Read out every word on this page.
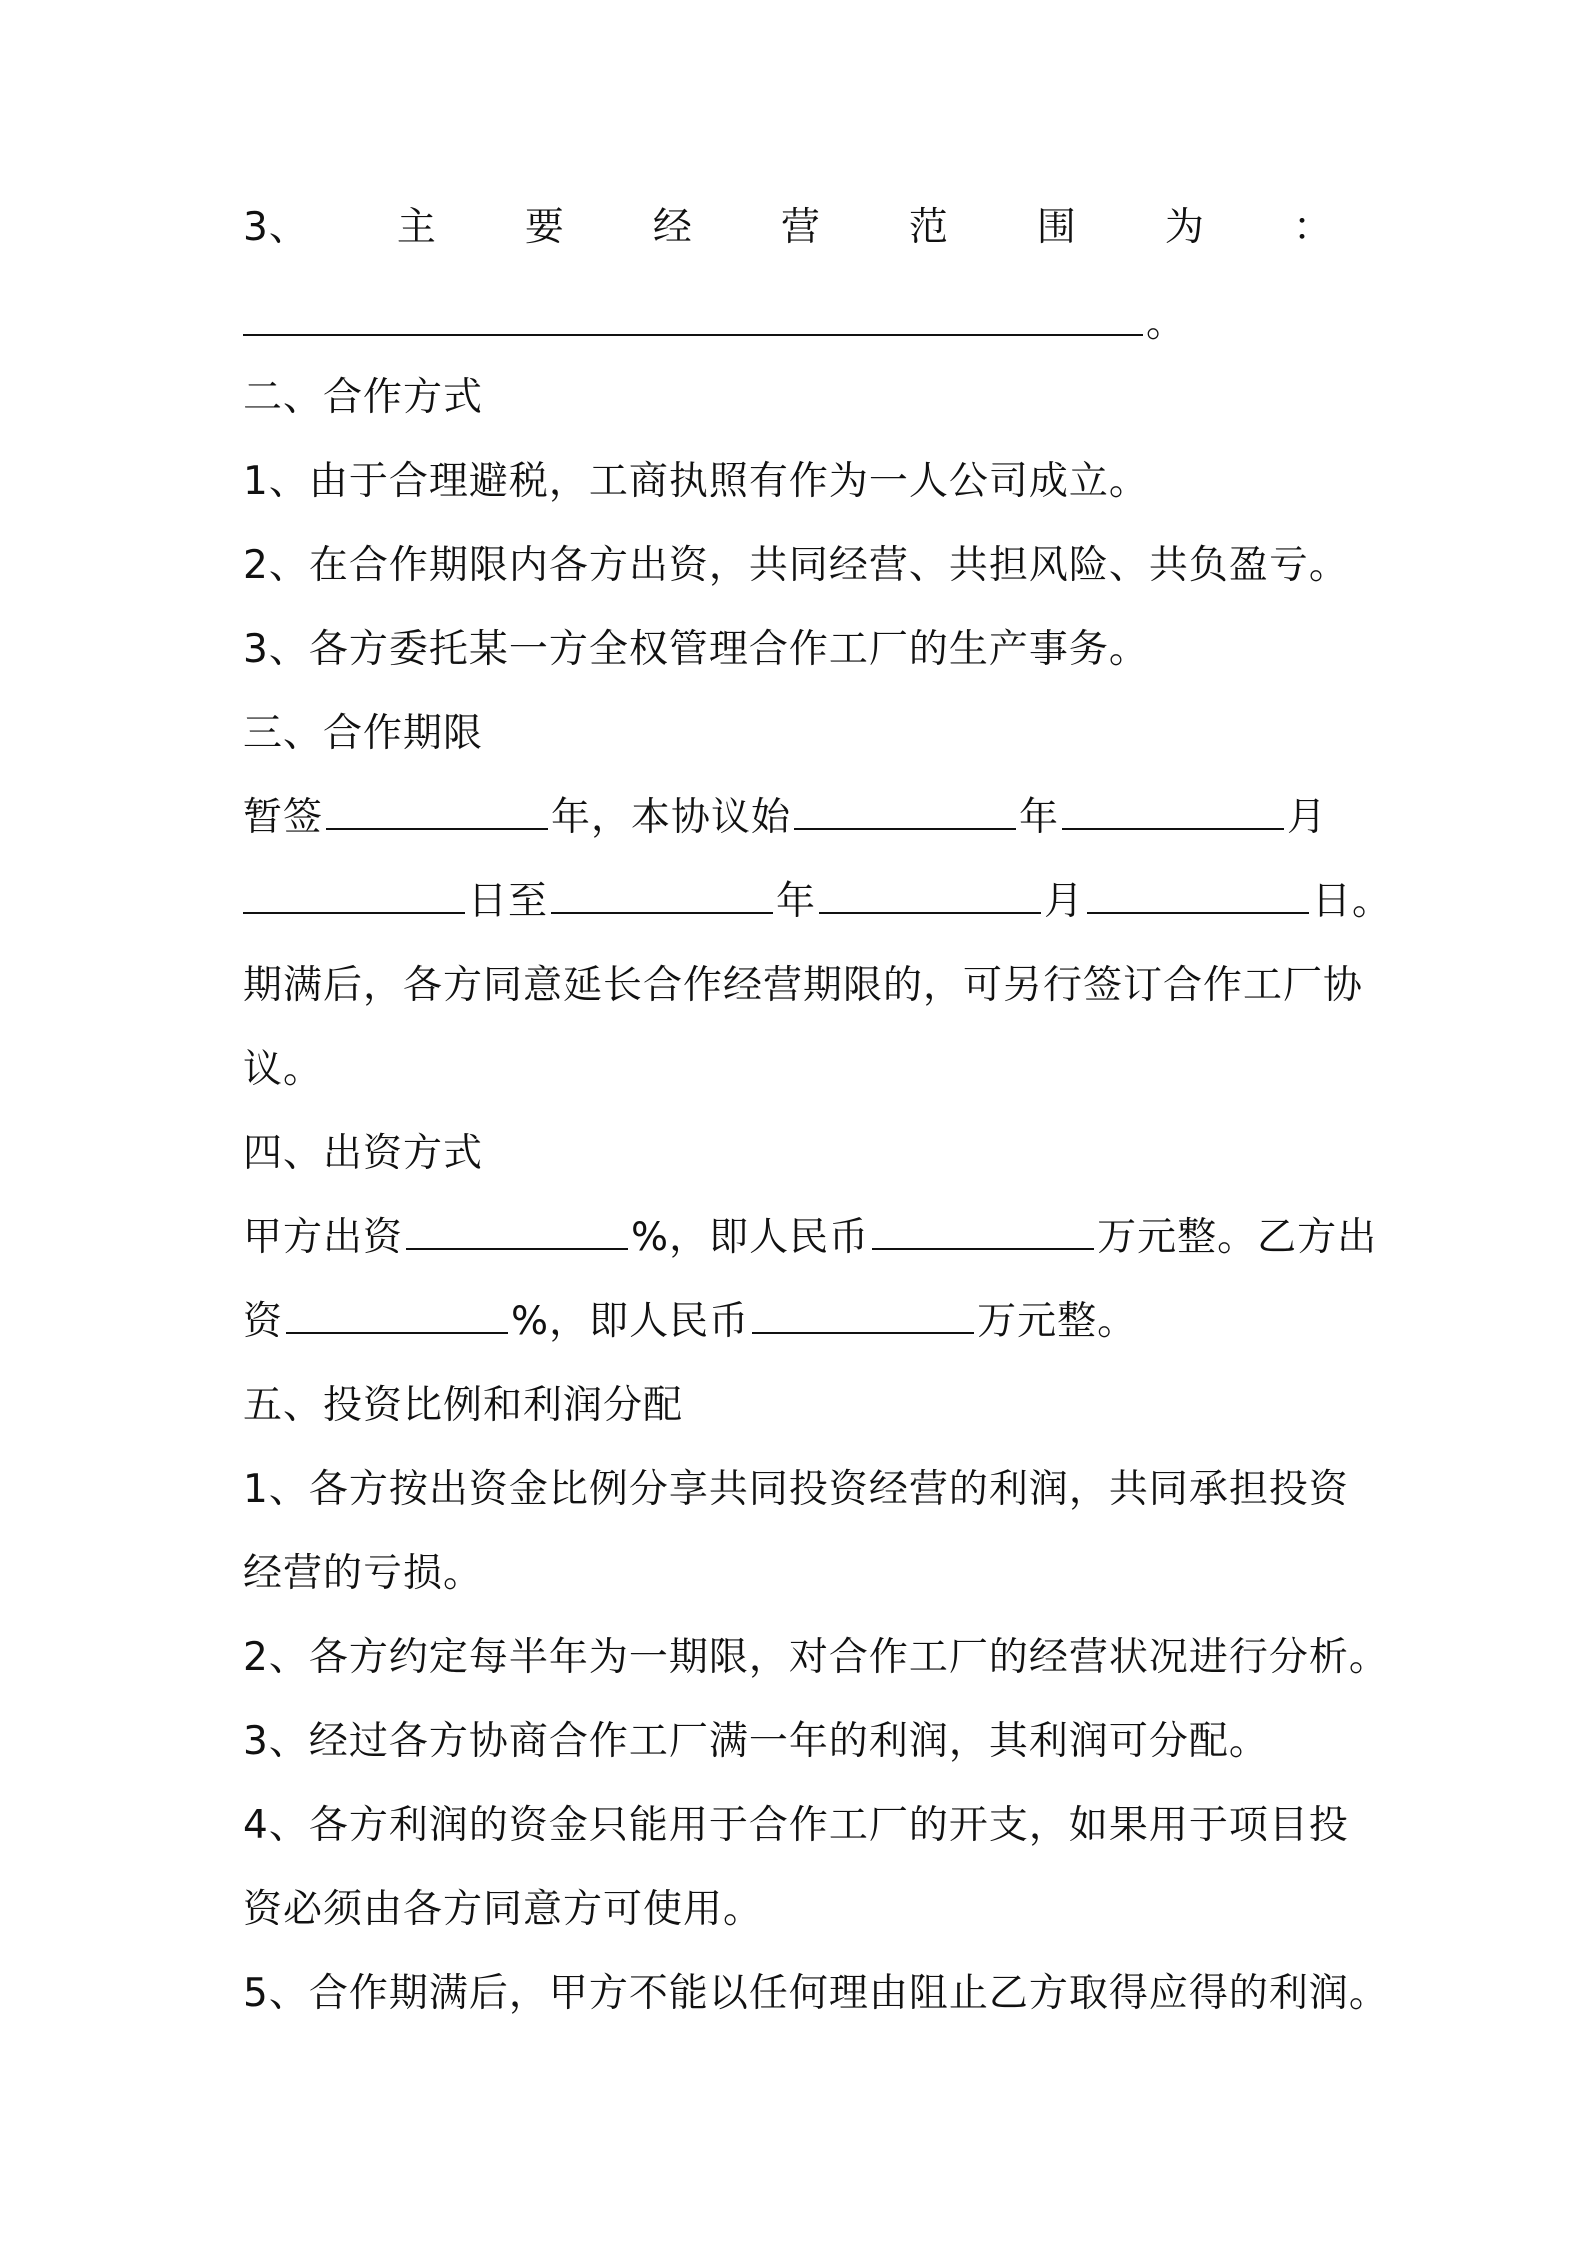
3、 主 要 经 营 范 围 为 ：
。
二、合作方式
1、由于合理避税，工商执照有作为一人公司成立。
2、在合作期限内各方出资，共同经营、共担风险、共负盈亏。
3、各方委托某一方全权管理合作工厂的生产事务。
三、合作期限
暂签	年，本协议始	年	月
日至	年	月	日。
期满后，各方同意延长合作经营期限的，可另行签订合作工厂协
议。
四、出资方式
甲方出资	%，即人民币	万元整。乙方出
资	%，即人民币	万元整。
五、投资比例和利润分配
1、各方按出资金比例分享共同投资经营的利润，共同承担投资
经营的亏损。
2、各方约定每半年为一期限，对合作工厂的经营状况进行分析。
3、经过各方协商合作工厂满一年的利润，其利润可分配。
4、各方利润的资金只能用于合作工厂的开支，如果用于项目投
资必须由各方同意方可使用。
5、合作期满后，甲方不能以任何理由阻止乙方取得应得的利润。
